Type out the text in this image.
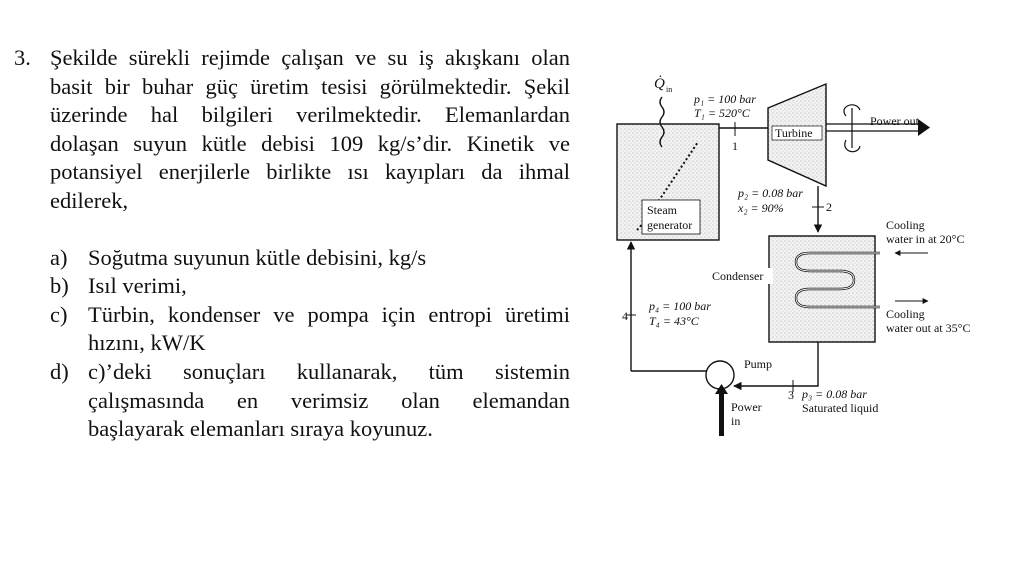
3. Şekilde sürekli rejimde çalışan ve su iş akışkanı olan
basit bir buhar güç üretim tesisi görülmektedir. Şekil
üzerinde hal bilgileri verilmektedir. Elemanlardan
dolaşan suyun kütle debisi 109 kg/s’dir. Kinetik ve
potansiyel enerjilerle birlikte ısı kayıpları da ihmal
edilerek,
a) Soğutma suyunun kütle debisini, kg/s
b) Isıl verimi,
c) Türbin, kondenser ve pompa için entropi üretimi
hızını, kW/K
d) c)’deki sonuçları kullanarak, tüm sistemin
çalışmasında en verimsiz olan elemandan
başlayarak elemanları sıraya koyunuz.
Q̇ in
Steam
generator
4
p₄ = 100 bar
T₄ = 43°C
1
p₁ = 100 bar
T₁ = 520°C
Turbine
Power out
2
p₂ = 0.08 bar
x₂ = 90%
Condenser
Cooling
water in at 20°C
Cooling
water out at 35°C
3 p₃ = 0.08 bar
Saturated liquid
Pump
Power
in
